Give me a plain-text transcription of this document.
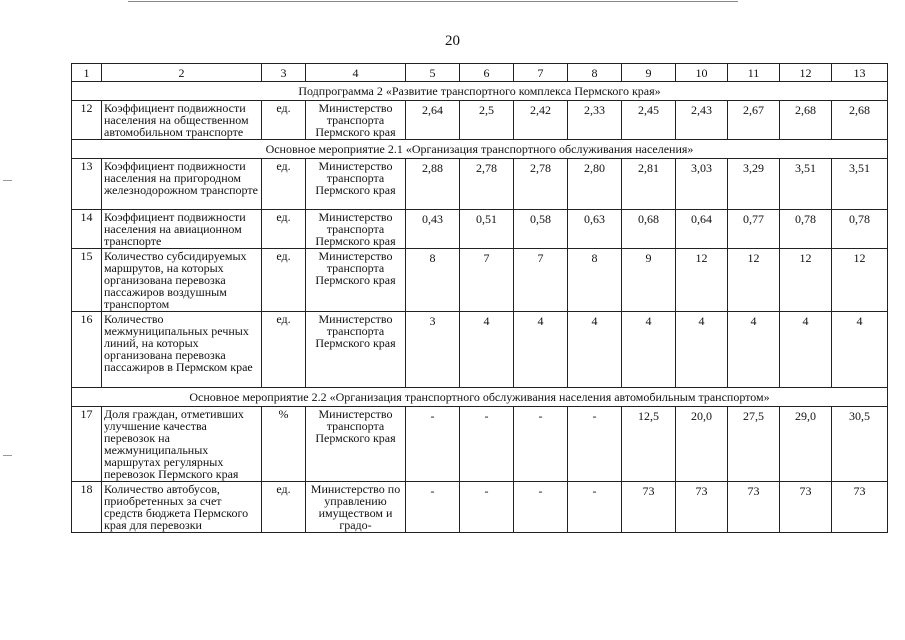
20
1	2	3	4	5	6	7	8	9	10	11	12	13
Подпрограмма 2 «Развитие транспортного комплекса Пермского края»												
12	Коэффициент подвижности населения на общественном автомобильном транспорте	ед.	Министерство транспорта Пермского края	2,64	2,5	2,42	2,33	2,45	2,43	2,67	2,68	2,68
Основное мероприятие 2.1 «Организация транспортного обслуживания населения»												
13	Коэффициент подвижности населения на пригородном железнодорожном транспорте	ед.	Министерство транспорта Пермского края	2,88	2,78	2,78	2,80	2,81	3,03	3,29	3,51	3,51
14	Коэффициент подвижности населения на авиационном транспорте	ед.	Министерство транспорта Пермского края	0,43	0,51	0,58	0,63	0,68	0,64	0,77	0,78	0,78
15	Количество субсидируемых маршрутов, на которых организована перевозка пассажиров воздушным транспортом	ед.	Министерство транспорта Пермского края	8	7	7	8	9	12	12	12	12
16	Количество межмуниципальных речных линий, на которых организована перевозка пассажиров в Пермском крае	ед.	Министерство транспорта Пермского края	3	4	4	4	4	4	4	4	4
Основное мероприятие 2.2 «Организация транспортного обслуживания населения автомобильным транспортом»												
17	Доля граждан, отметивших улучшение качества перевозок на межмуниципальных маршрутах регулярных перевозок Пермского края	%	Министерство транспорта Пермского края	-	-	-	-	12,5	20,0	27,5	29,0	30,5
18	Количество автобусов, приобретенных за счет средств бюджета Пермского края для перевозки	ед.	Министерство по управлению имуществом и градо-	-	-	-	-	73	73	73	73	73
